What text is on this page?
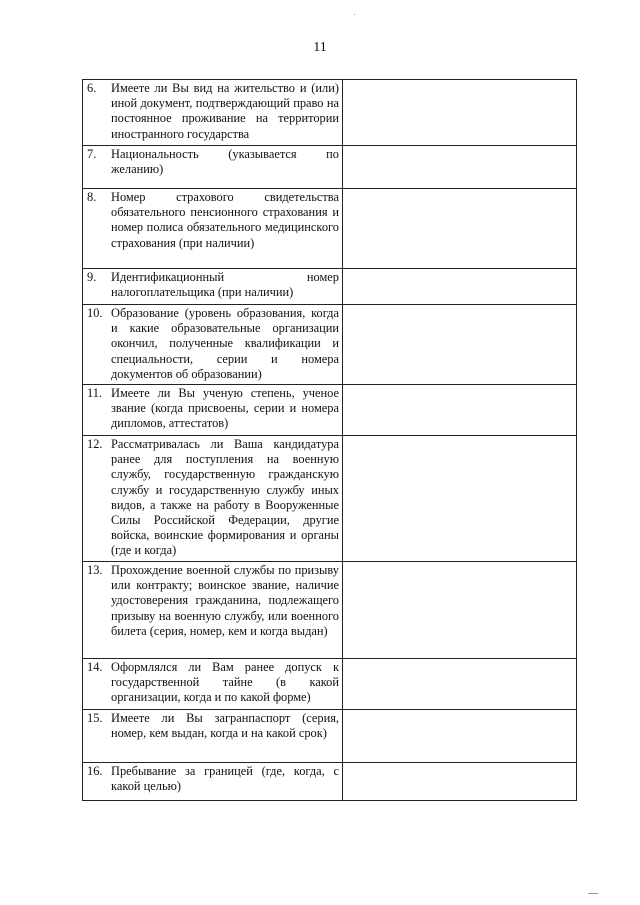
11
6. Имеете ли Вы вид на жительство и (или) иной документ, подтверждающий право на постоянное проживание на территории иностранного государства	

7. Национальность (указывается по желанию)	

8. Номер страхового свидетельства обязательного пенсионного страхования и номер полиса обязательного медицинского страхования (при наличии)	

9. Идентификационный номер налогоплательщика (при наличии)	

10. Образование (уровень образования, когда и какие образовательные организации окончил, полученные квалификации и специальности, серии и номера документов об образовании)	

11. Имеете ли Вы ученую степень, ученое звание (когда присвоены, серии и номера дипломов, аттестатов)	

12. Рассматривалась ли Ваша кандидатура ранее для поступления на военную службу, государственную гражданскую службу и государственную службу иных видов, а также на работу в Вооруженные Силы Российской Федерации, другие войска, воинские формирования и органы (где и когда)	

13. Прохождение военной службы по призыву или контракту; воинское звание, наличие удостоверения гражданина, подлежащего призыву на военную службу, или военного билета (серия, номер, кем и когда выдан)	

14. Оформлялся ли Вам ранее допуск к государственной тайне (в какой организации, когда и по какой форме)	

15. Имеете ли Вы загранпаспорт (серия, номер, кем выдан, когда и на какой срок)	

16. Пребывание за границей (где, когда, с какой целью)	
